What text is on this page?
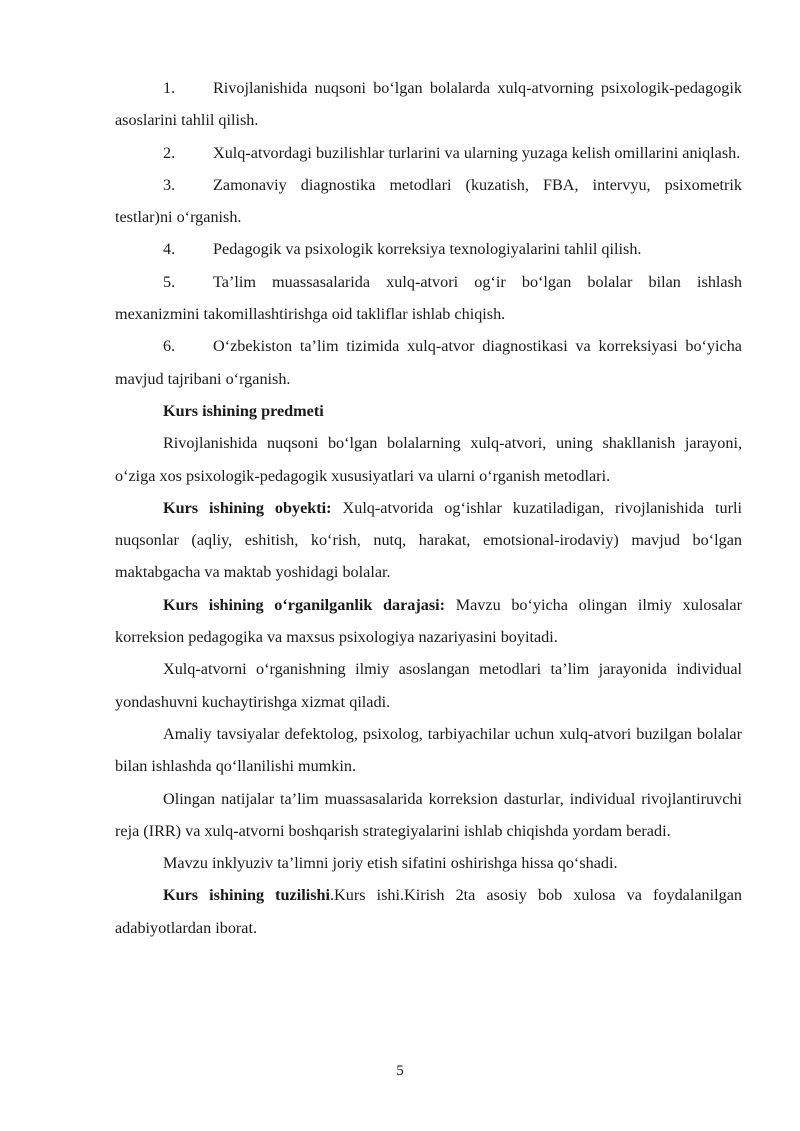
1. Rivojlanishida nuqsoni bo‘lgan bolalarda xulq-atvorning psixologik-pedagogik asoslarini tahlil qilish.

2. Xulq-atvordagi buzilishlar turlarini va ularning yuzaga kelish omillarini aniqlash.

3. Zamonaviy diagnostika metodlari (kuzatish, FBA, intervyu, psixometrik testlar)ni o‘rganish.

4. Pedagogik va psixologik korreksiya texnologiyalarini tahlil qilish.

5. Ta’lim muassasalarida xulq-atvori og‘ir bo‘lgan bolalar bilan ishlash mexanizmini takomillashtirishga oid takliflar ishlab chiqish.

6. O‘zbekiston ta’lim tizimida xulq-atvor diagnostikasi va korreksiyasi bo‘yicha mavjud tajribani o‘rganish.

Kurs ishining predmeti

Rivojlanishida nuqsoni bo‘lgan bolalarning xulq-atvori, uning shakllanish jarayoni, o‘ziga xos psixologik-pedagogik xususiyatlari va ularni o‘rganish metodlari.

Kurs ishining obyekti: Xulq-atvorida og‘ishlar kuzatiladigan, rivojlanishida turli nuqsonlar (aqliy, eshitish, ko‘rish, nutq, harakat, emotsional-irodaviy) mavjud bo‘lgan maktabgacha va maktab yoshidagi bolalar.

Kurs ishining o‘rganilganlik darajasi: Mavzu bo‘yicha olingan ilmiy xulosalar korreksion pedagogika va maxsus psixologiya nazariyasini boyitadi.

Xulq-atvorni o‘rganishning ilmiy asoslangan metodlari ta’lim jarayonida individual yondashuvni kuchaytirishga xizmat qiladi.

Amaliy tavsiyalar defektolog, psixolog, tarbiyachilar uchun xulq-atvori buzilgan bolalar bilan ishlashda qo‘llanilishi mumkin.

Olingan natijalar ta’lim muassasalarida korreksion dasturlar, individual rivojlantiruvchi reja (IRR) va xulq-atvorni boshqarish strategiyalarini ishlab chiqishda yordam beradi.

Mavzu inklyuziv ta’limni joriy etish sifatini oshirishga hissa qo‘shadi.

Kurs ishining tuzilishi.Kurs ishi.Kirish 2ta asosiy bob xulosa va foydalanilgan adabiyotlardan iborat.

5
